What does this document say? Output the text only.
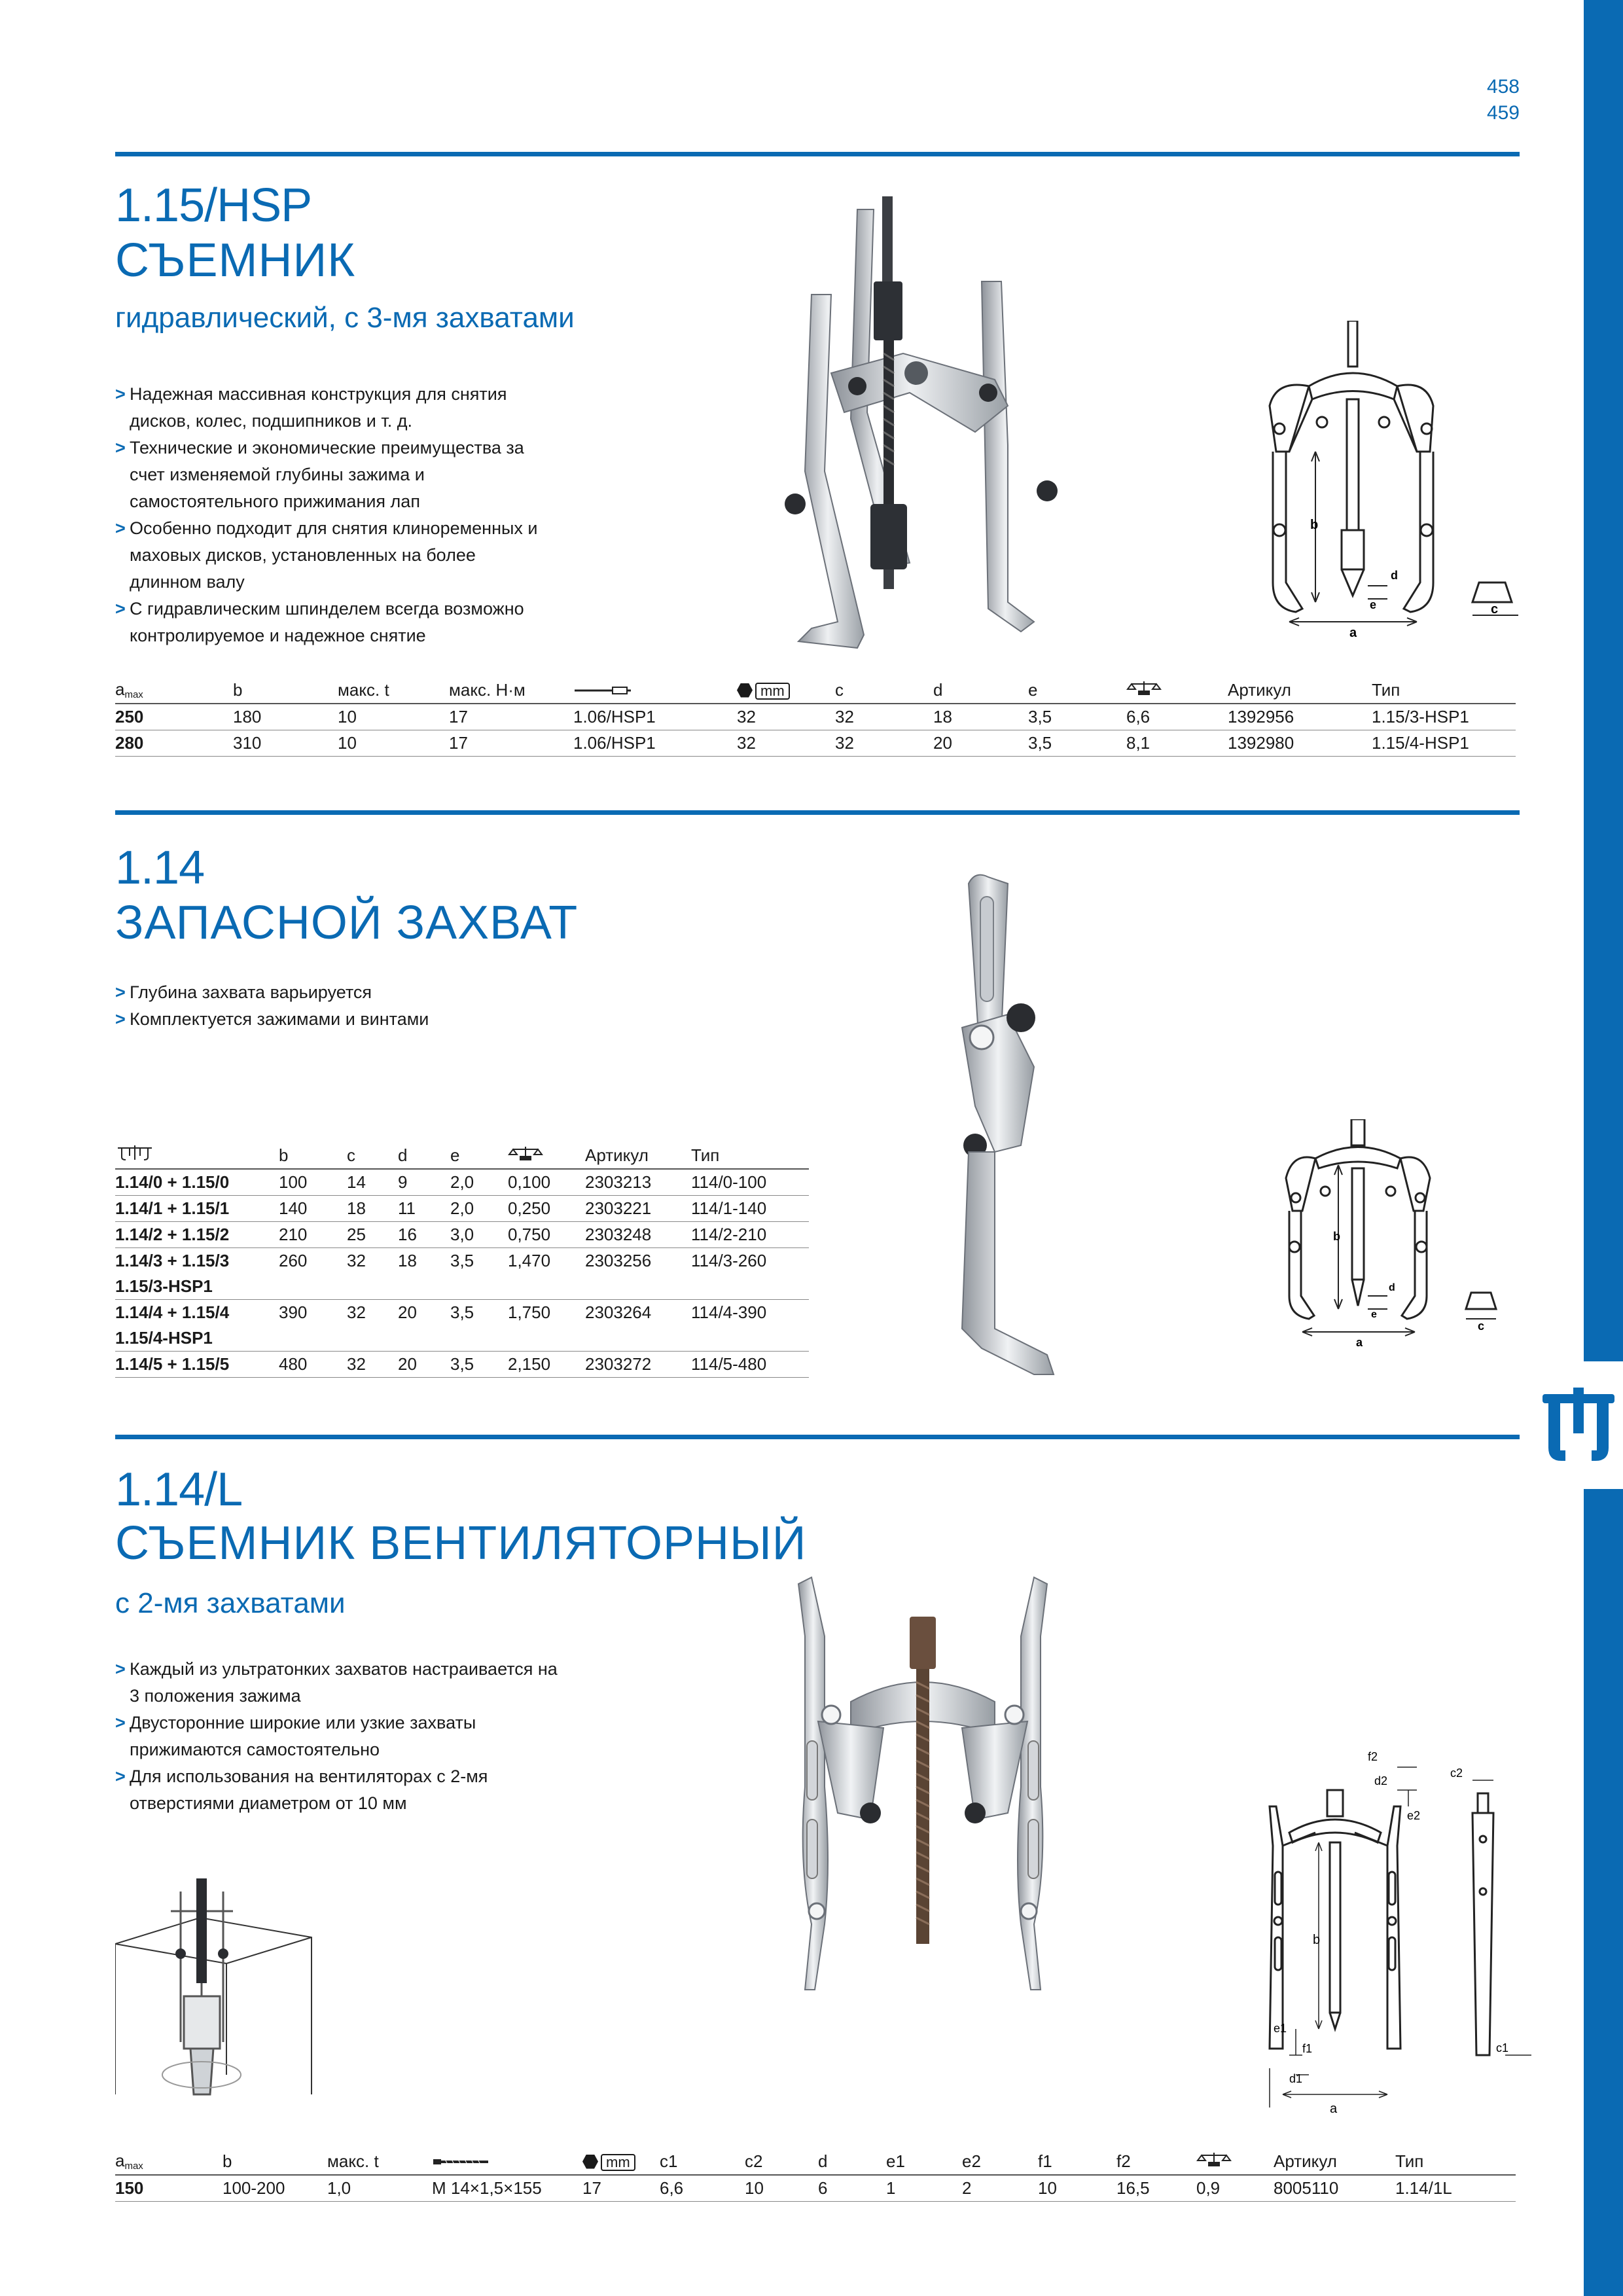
458
459
1.15/HSP
СЪЕМНИК
гидравлический, с 3-мя захватами
> Надежная массивная конструкция для снятия дисков, колес, подшипников и т. д.
> Технические и экономические преимущества за счет изменяемой глубины зажима и самостоятельного прижимания лап
> Особенно подходит для снятия клиноременных и маховых дисков, установленных на более длинном валу
> С гидравлическим шпинделем всегда возможно контролируемое и надежное снятие
b
a
c
d
e
$a_{max}$	b	макс. t	макс. Н·м		mm	c	d	e		Артикул	Тип
250	180	10	17	1.06/HSP1	32	32	18	3,5	6,6	1392956	1.15/3-HSP1
280	310	10	17	1.06/HSP1	32	32	20	3,5	8,1	1392980	1.15/4-HSP1
1.14
ЗАПАСНОЙ ЗАХВАТ
> Глубина захвата варьируется
> Комплектуется зажимами и винтами
b
a
c
d
e
	b	c	d	e		Артикул	Тип
1.14/0 + 1.15/0	100	14	9	2,0	0,100	2303213	114/0-100
1.14/1 + 1.15/1	140	18	11	2,0	0,250	2303221	114/1-140
1.14/2 + 1.15/2	210	25	16	3,0	0,750	2303248	114/2-210
1.14/3 + 1.15/3	260	32	18	3,5	1,470	2303256	114/3-260
1.15/3-HSP1							
1.14/4 + 1.15/4	390	32	20	3,5	1,750	2303264	114/4-390
1.15/4-HSP1							
1.14/5 + 1.15/5	480	32	20	3,5	2,150	2303272	114/5-480
1.14/L
СЪЕМНИК ВЕНТИЛЯТОРНЫЙ
с 2-мя захватами
> Каждый из ультратонких захватов настраивается на 3 положения зажима
> Двусторонние широкие или узкие захваты прижимаются самостоятельно
> Для использования на вентиляторах с 2-мя отверстиями диаметром от 10 мм
b
a
f2
d2
e2
c2
e1
f1
d1
c1
$a_{max}$	b	макс. t		mm	c1	c2	d	e1	e2	f1	f2		Артикул	Тип
150	100-200	1,0	M 14×1,5×155	17	6,6	10	6	1	2	10	16,5	0,9	8005110	1.14/1L
